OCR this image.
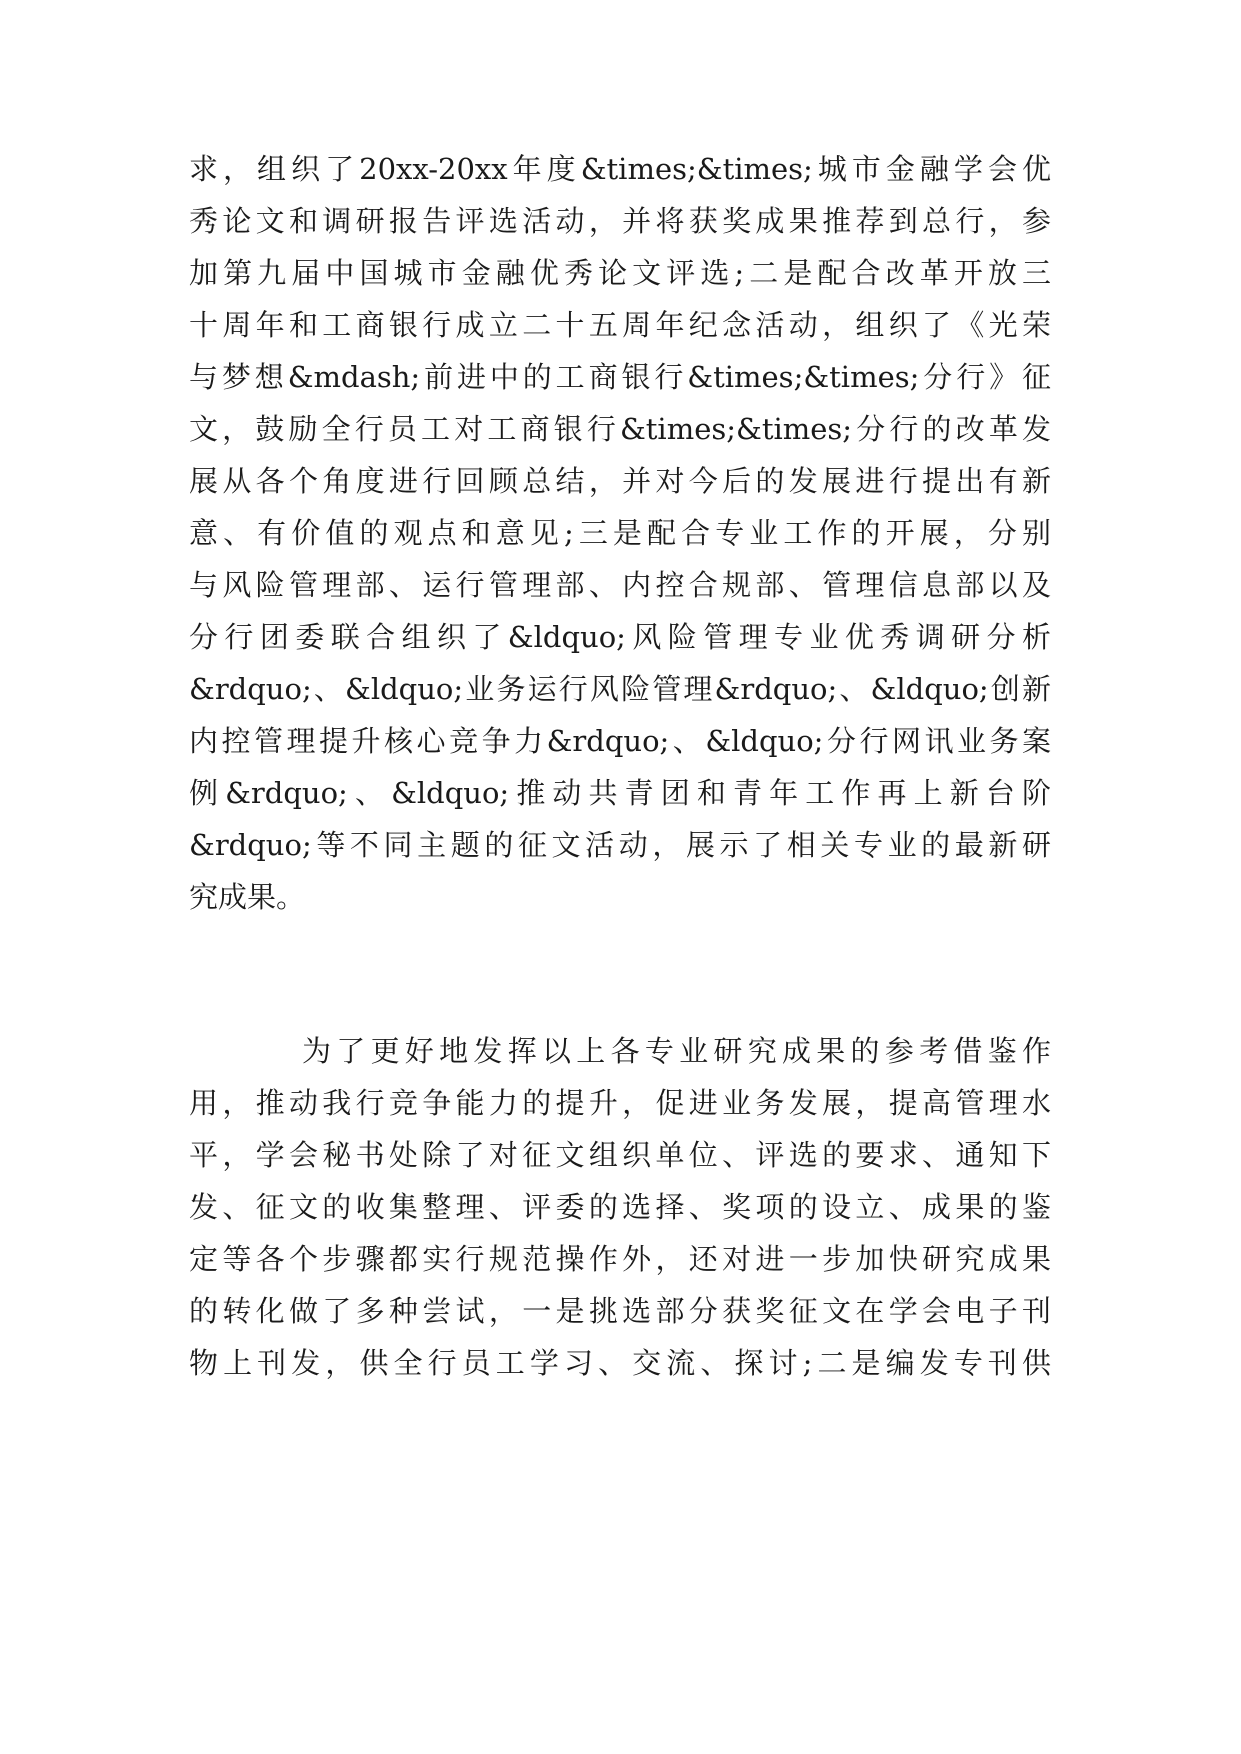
求，组织了20xx-20xx年度&times;&times;城市金融学会优
秀论文和调研报告评选活动，并将获奖成果推荐到总行，参
加第九届中国城市金融优秀论文评选;二是配合改革开放三
十周年和工商银行成立二十五周年纪念活动，组织了《光荣
与梦想&mdash;前进中的工商银行&times;&times;分行》征
文，鼓励全行员工对工商银行&times;&times;分行的改革发
展从各个角度进行回顾总结，并对今后的发展进行提出有新
意、有价值的观点和意见;三是配合专业工作的开展，分别
与风险管理部、运行管理部、内控合规部、管理信息部以及
分行团委联合组织了&ldquo;风险管理专业优秀调研分析
&rdquo;、&ldquo;业务运行风险管理&rdquo;、&ldquo;创新
内控管理提升核心竞争力&rdquo;、&ldquo;分行网讯业务案
例&rdquo;、&ldquo;推动共青团和青年工作再上新台阶
&rdquo;等不同主题的征文活动，展示了相关专业的最新研
究成果。
为了更好地发挥以上各专业研究成果的参考借鉴作
用，推动我行竞争能力的提升，促进业务发展，提高管理水
平，学会秘书处除了对征文组织单位、评选的要求、通知下
发、征文的收集整理、评委的选择、奖项的设立、成果的鉴
定等各个步骤都实行规范操作外，还对进一步加快研究成果
的转化做了多种尝试，一是挑选部分获奖征文在学会电子刊
物上刊发，供全行员工学习、交流、探讨;二是编发专刊供
